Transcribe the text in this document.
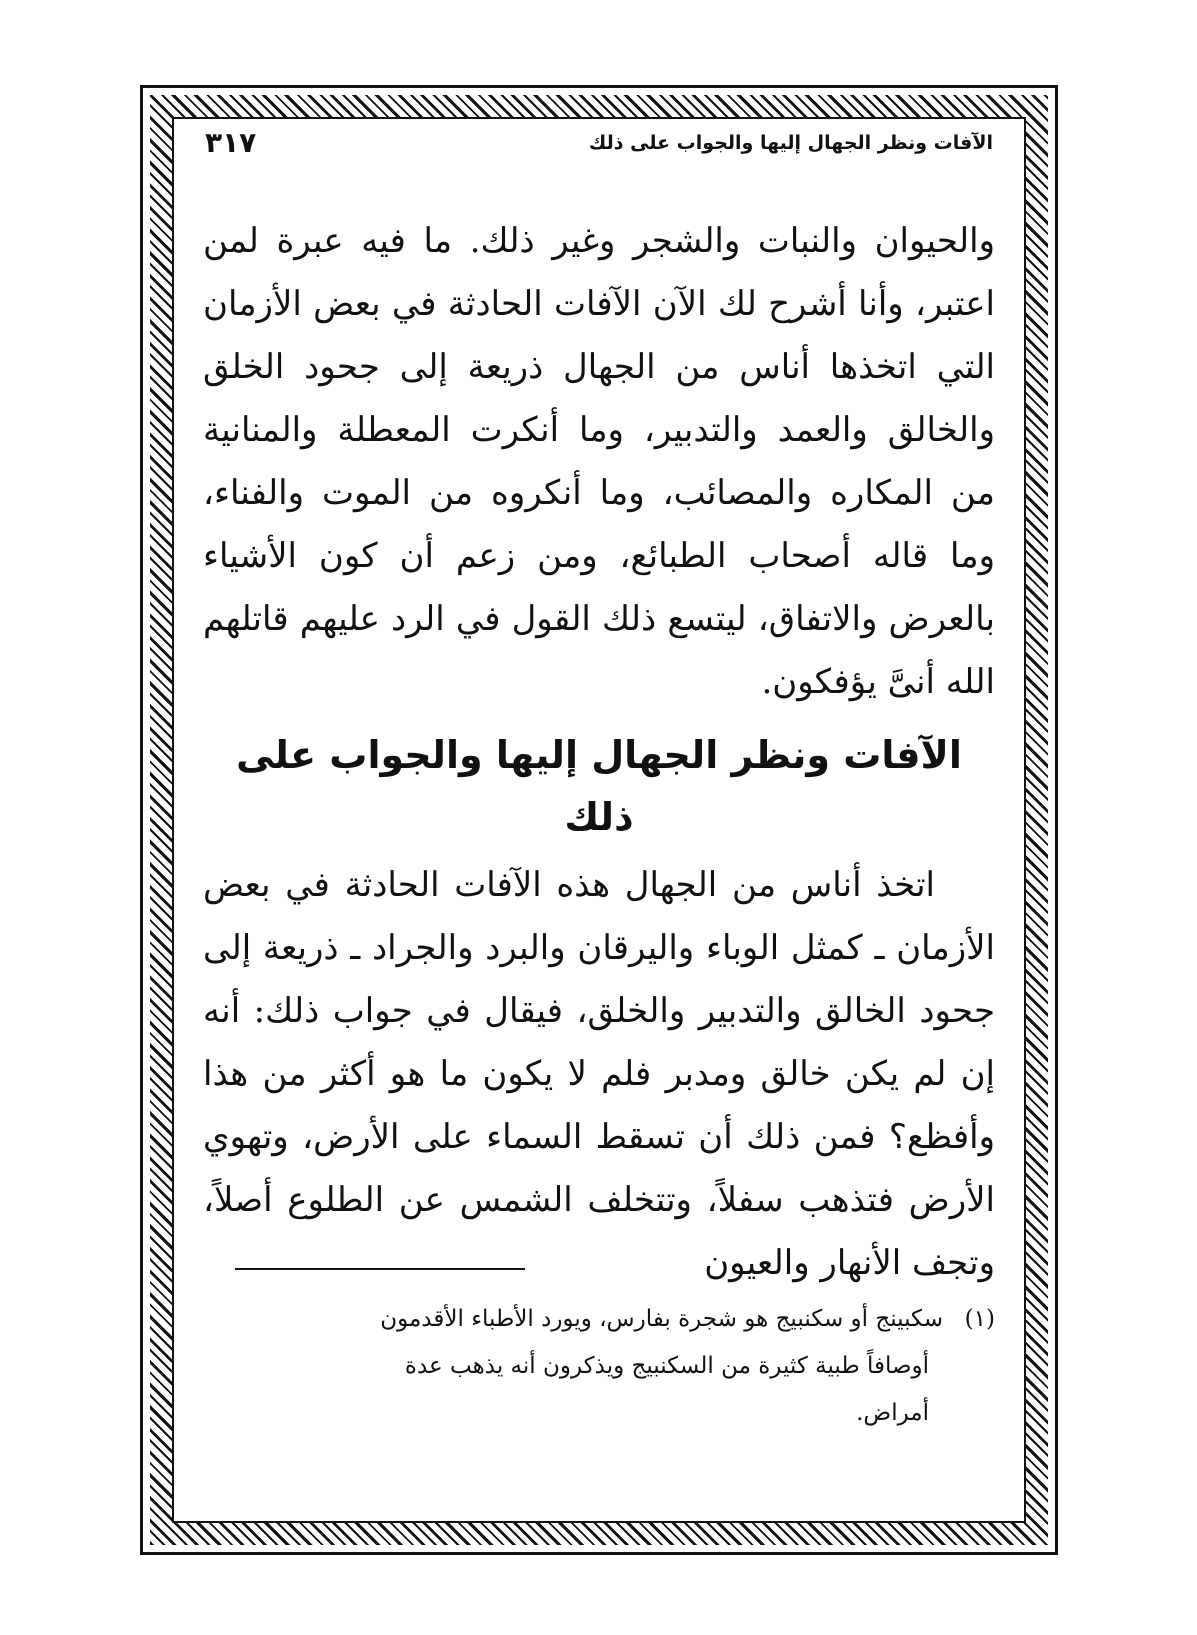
الآفات ونظر الجهال إليها والجواب على ذلك
٣١٧

والحيوان والنبات والشجر وغير ذلك. ما فيه عبرة لمن اعتبر، وأنا أشرح لك الآن الآفات الحادثة في بعض الأزمان التي اتخذها أناس من الجهال ذريعة إلى جحود الخلق والخالق والعمد والتدبير، وما أنكرت المعطلة والمنانية من المكاره والمصائب، وما أنكروه من الموت والفناء، وما قاله أصحاب الطبائع، ومن زعم أن كون الأشياء بالعرض والاتفاق، ليتسع ذلك القول في الرد عليهم قاتلهم الله أنىَّ يؤفكون.

الآفات ونظر الجهال إليها والجواب على ذلك

اتخذ أناس من الجهال هذه الآفات الحادثة في بعض الأزمان ـ كمثل الوباء واليرقان والبرد والجراد ـ ذريعة إلى جحود الخالق والتدبير والخلق، فيقال في جواب ذلك: أنه إن لم يكن خالق ومدبر فلم لا يكون ما هو أكثر من هذا وأفظع؟ فمن ذلك أن تسقط السماء على الأرض، وتهوي الأرض فتذهب سفلاً، وتتخلف الشمس عن الطلوع أصلاً، وتجف الأنهار والعيون

(١)سكبينج أو سكنبيج هو شجرة بفارس، ويورد الأطباء الأقدمون
أوصافاً طبية كثيرة من السكنبيج ويذكرون أنه يذهب عدة
أمراض.
